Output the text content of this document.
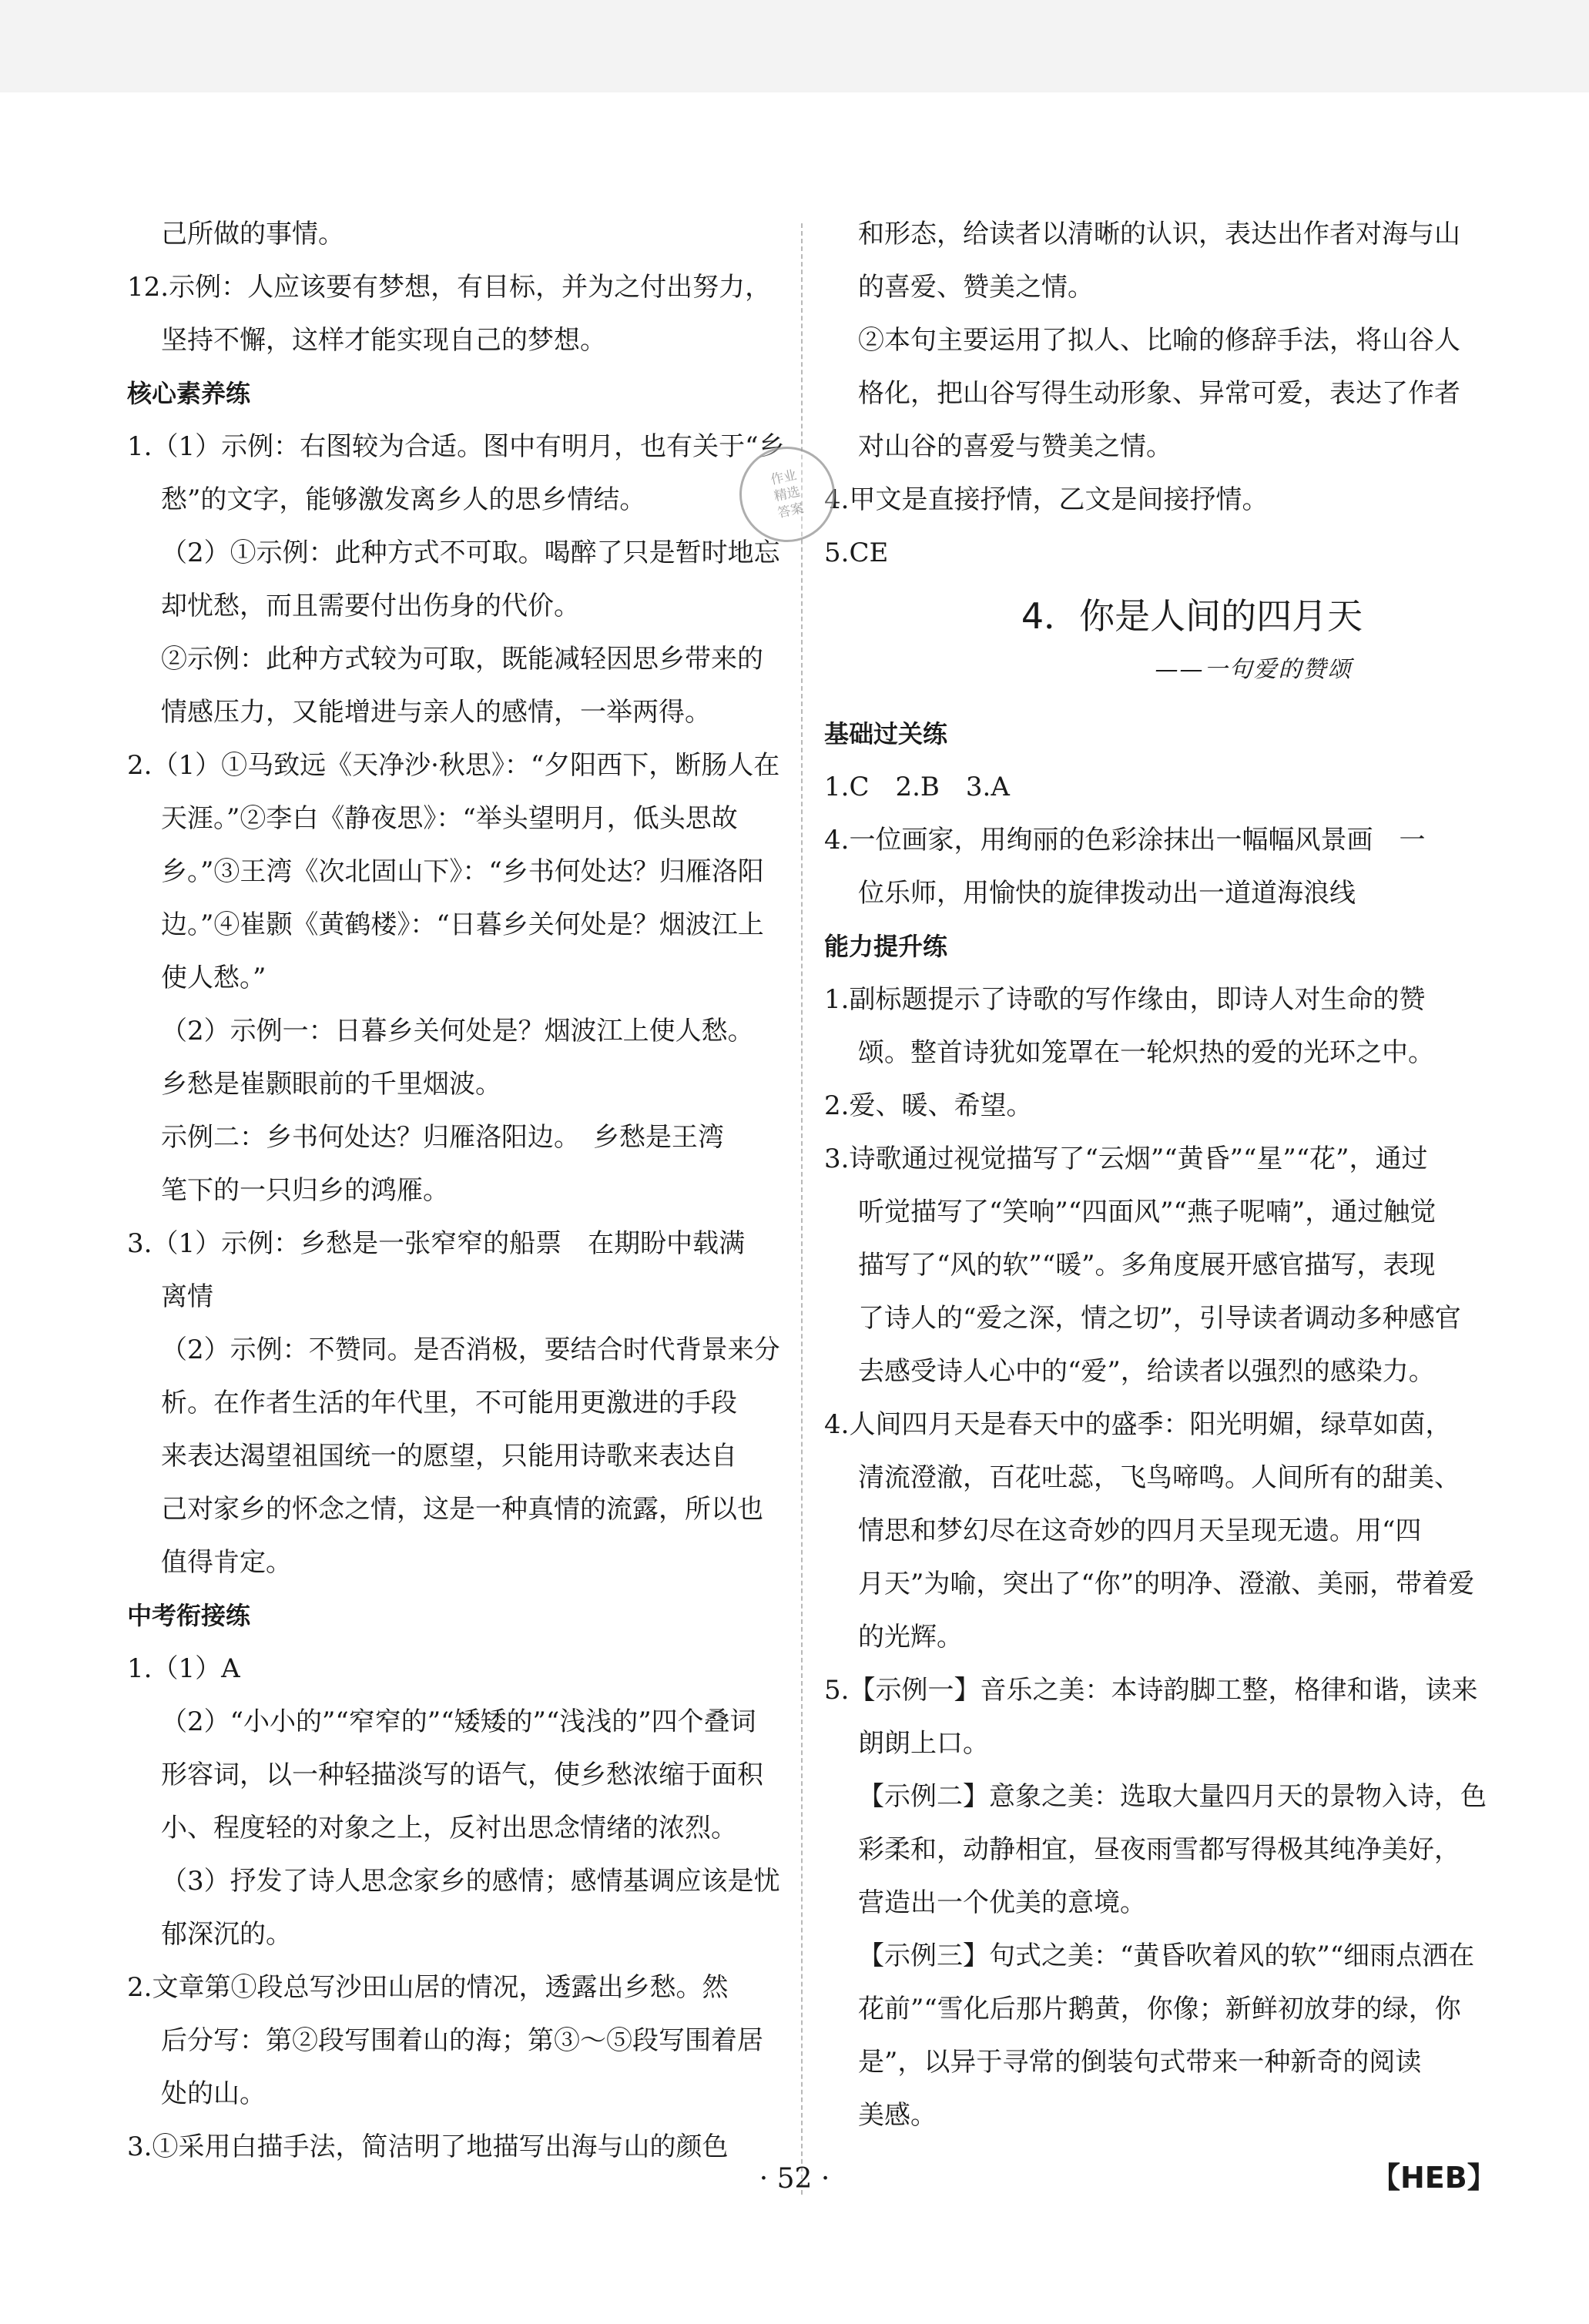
己所做的事情。
12.示例：人应该要有梦想，有目标，并为之付出努力，
坚持不懈，这样才能实现自己的梦想。
核心素养练
1.（1）示例：右图较为合适。图中有明月，也有关于“乡
愁”的文字，能够激发离乡人的思乡情结。
（2）①示例：此种方式不可取。喝醉了只是暂时地忘
却忧愁，而且需要付出伤身的代价。
②示例：此种方式较为可取，既能减轻因思乡带来的
情感压力，又能增进与亲人的感情，一举两得。
2.（1）①马致远《天净沙·秋思》：“夕阳西下，断肠人在
天涯。”②李白《静夜思》：“举头望明月，低头思故
乡。”③王湾《次北固山下》：“乡书何处达？归雁洛阳
边。”④崔颢《黄鹤楼》：“日暮乡关何处是？烟波江上
使人愁。”
（2）示例一：日暮乡关何处是？烟波江上使人愁。
乡愁是崔颢眼前的千里烟波。
示例二：乡书何处达？归雁洛阳边。　乡愁是王湾
笔下的一只归乡的鸿雁。
3.（1）示例：乡愁是一张窄窄的船票　在期盼中载满
离情
（2）示例：不赞同。是否消极，要结合时代背景来分
析。在作者生活的年代里，不可能用更激进的手段
来表达渴望祖国统一的愿望，只能用诗歌来表达自
己对家乡的怀念之情，这是一种真情的流露，所以也
值得肯定。
中考衔接练
1.（1）A
（2）“小小的”“窄窄的”“矮矮的”“浅浅的”四个叠词
形容词，以一种轻描淡写的语气，使乡愁浓缩于面积
小、程度轻的对象之上，反衬出思念情绪的浓烈。
（3）抒发了诗人思念家乡的感情；感情基调应该是忧
郁深沉的。
2.文章第①段总写沙田山居的情况，透露出乡愁。然
后分写：第②段写围着山的海；第③～⑤段写围着居
处的山。
3.①采用白描手法，简洁明了地描写出海与山的颜色
和形态，给读者以清晰的认识，表达出作者对海与山
的喜爱、赞美之情。
②本句主要运用了拟人、比喻的修辞手法，将山谷人
格化，把山谷写得生动形象、异常可爱，表达了作者
对山谷的喜爱与赞美之情。
4.甲文是直接抒情，乙文是间接抒情。
5.CE
4．你是人间的四月天
——一句爱的赞颂
基础过关练
1.C　2.B　3.A
4.一位画家，用绚丽的色彩涂抹出一幅幅风景画　一
位乐师，用愉快的旋律拨动出一道道海浪线
能力提升练
1.副标题提示了诗歌的写作缘由，即诗人对生命的赞
颂。整首诗犹如笼罩在一轮炽热的爱的光环之中。
2.爱、暖、希望。
3.诗歌通过视觉描写了“云烟”“黄昏”“星”“花”，通过
听觉描写了“笑响”“四面风”“燕子呢喃”，通过触觉
描写了“风的软”“暖”。多角度展开感官描写，表现
了诗人的“爱之深，情之切”，引导读者调动多种感官
去感受诗人心中的“爱”，给读者以强烈的感染力。
4.人间四月天是春天中的盛季：阳光明媚，绿草如茵，
清流澄澈，百花吐蕊，飞鸟啼鸣。人间所有的甜美、
情思和梦幻尽在这奇妙的四月天呈现无遗。用“四
月天”为喻，突出了“你”的明净、澄澈、美丽，带着爱
的光辉。
5.【示例一】音乐之美：本诗韵脚工整，格律和谐，读来
朗朗上口。
【示例二】意象之美：选取大量四月天的景物入诗，色
彩柔和，动静相宜，昼夜雨雪都写得极其纯净美好，
营造出一个优美的意境。
【示例三】句式之美：“黄昏吹着风的软”“细雨点洒在
花前”“雪化后那片鹅黄，你像；新鲜初放芽的绿，你
是”，以异于寻常的倒装句式带来一种新奇的阅读
美感。
作业
精选
答案
· 52 ·	【HEB】
